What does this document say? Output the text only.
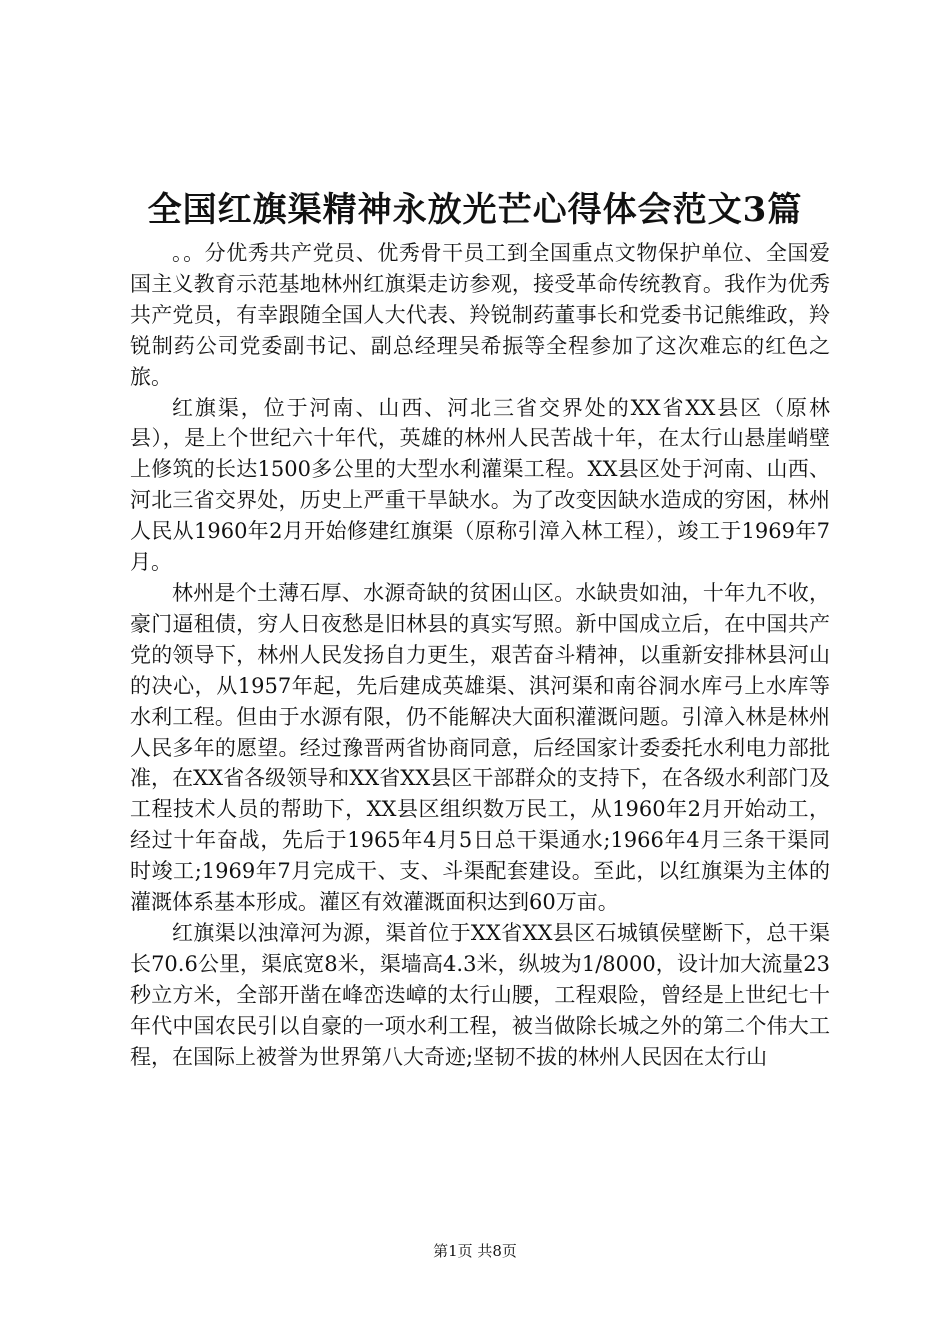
全国红旗渠精神永放光芒心得体会范文3篇

。。分优秀共产党员、优秀骨干员工到全国重点文物保护单位、全国爱国主义教育示范基地林州红旗渠走访参观，接受革命传统教育。我作为优秀共产党员，有幸跟随全国人大代表、羚锐制药董事长和党委书记熊维政，羚锐制药公司党委副书记、副总经理吴希振等全程参加了这次难忘的红色之旅。

红旗渠，位于河南、山西、河北三省交界处的XX省XX县区（原林县），是上个世纪六十年代，英雄的林州人民苦战十年，在太行山悬崖峭壁上修筑的长达1500多公里的大型水利灌渠工程。XX县区处于河南、山西、河北三省交界处，历史上严重干旱缺水。为了改变因缺水造成的穷困，林州人民从1960年2月开始修建红旗渠（原称引漳入林工程），竣工于1969年7月。

林州是个土薄石厚、水源奇缺的贫困山区。水缺贵如油，十年九不收，豪门逼租债，穷人日夜愁是旧林县的真实写照。新中国成立后，在中国共产党的领导下，林州人民发扬自力更生，艰苦奋斗精神，以重新安排林县河山的决心，从1957年起，先后建成英雄渠、淇河渠和南谷洞水库弓上水库等水利工程。但由于水源有限，仍不能解决大面积灌溉问题。引漳入林是林州人民多年的愿望。经过豫晋两省协商同意，后经国家计委委托水利电力部批准，在XX省各级领导和XX省XX县区干部群众的支持下，在各级水利部门及工程技术人员的帮助下，XX县区组织数万民工，从1960年2月开始动工，经过十年奋战，先后于1965年4月5日总干渠通水;1966年4月三条干渠同时竣工;1969年7月完成干、支、斗渠配套建设。至此，以红旗渠为主体的灌溉体系基本形成。灌区有效灌溉面积达到60万亩。

红旗渠以浊漳河为源，渠首位于XX省XX县区石城镇侯壁断下，总干渠长70.6公里，渠底宽8米，渠墙高4.3米，纵坡为1/8000，设计加大流量23秒立方米，全部开凿在峰峦迭嶂的太行山腰，工程艰险，曾经是上世纪七十年代中国农民引以自豪的一项水利工程，被当做除长城之外的第二个伟大工程，在国际上被誉为世界第八大奇迹;坚韧不拔的林州人民因在太行山

第1页 共8页
